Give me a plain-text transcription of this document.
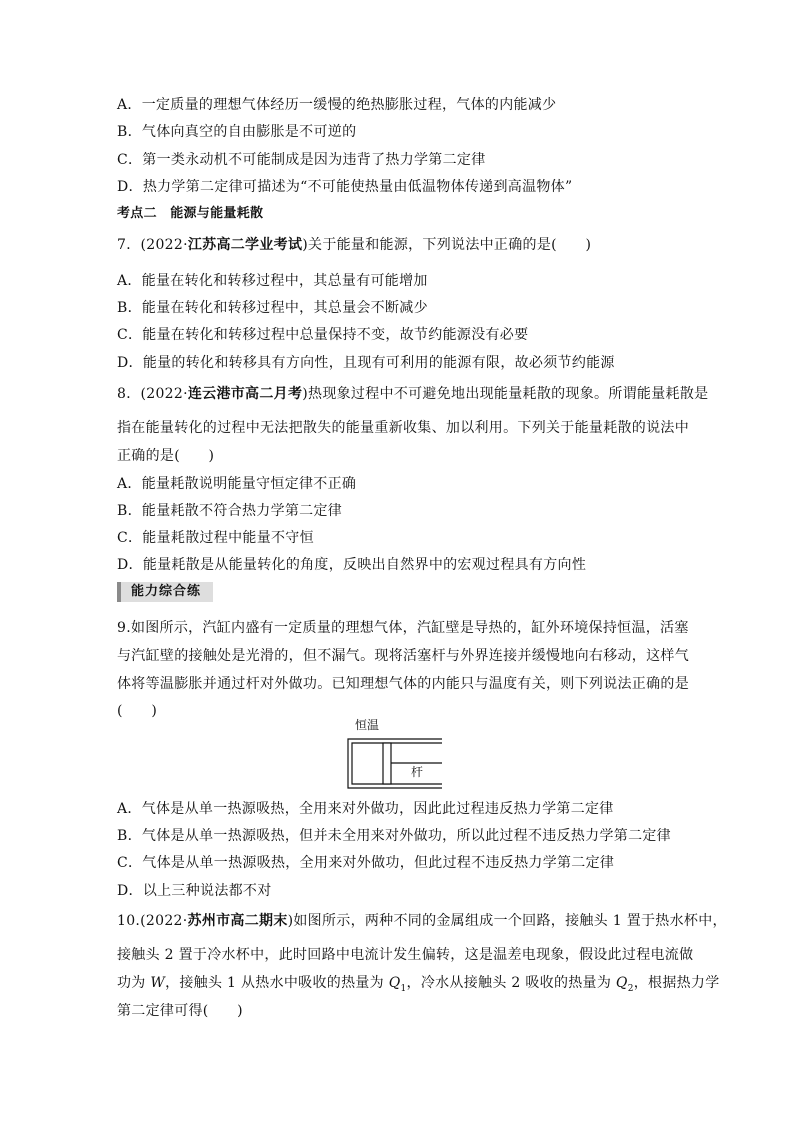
A．一定质量的理想气体经历一缓慢的绝热膨胀过程，气体的内能减少
B．气体向真空的自由膨胀是不可逆的
C．第一类永动机不可能制成是因为违背了热力学第二定律
D．热力学第二定律可描述为“不可能使热量由低温物体传递到高温物体”
考点二　能源与能量耗散
7．(2022·江苏高二学业考试)关于能量和能源，下列说法中正确的是(　　)
A．能量在转化和转移过程中，其总量有可能增加
B．能量在转化和转移过程中，其总量会不断减少
C．能量在转化和转移过程中总量保持不变，故节约能源没有必要
D．能量的转化和转移具有方向性，且现有可利用的能源有限，故必须节约能源
8．(2022·连云港市高二月考)热现象过程中不可避免地出现能量耗散的现象。所谓能量耗散是
指在能量转化的过程中无法把散失的能量重新收集、加以利用。下列关于能量耗散的说法中
正确的是(　　)
A．能量耗散说明能量守恒定律不正确
B．能量耗散不符合热力学第二定律
C．能量耗散过程中能量不守恒
D．能量耗散是从能量转化的角度，反映出自然界中的宏观过程具有方向性
能力综合练
9.如图所示，汽缸内盛有一定质量的理想气体，汽缸壁是导热的，缸外环境保持恒温，活塞
与汽缸壁的接触处是光滑的，但不漏气。现将活塞杆与外界连接并缓慢地向右移动，这样气
体将等温膨胀并通过杆对外做功。已知理想气体的内能只与温度有关，则下列说法正确的是
(　　)
恒温
杆
A．气体是从单一热源吸热，全用来对外做功，因此此过程违反热力学第二定律
B．气体是从单一热源吸热，但并未全用来对外做功，所以此过程不违反热力学第二定律
C．气体是从单一热源吸热，全用来对外做功，但此过程不违反热力学第二定律
D．以上三种说法都不对
10.(2022·苏州市高二期末)如图所示，两种不同的金属组成一个回路，接触头 1 置于热水杯中，
接触头 2 置于冷水杯中，此时回路中电流计发生偏转，这是温差电现象，假设此过程电流做
功为 W，接触头 1 从热水中吸收的热量为 $Q_1$，冷水从接触头 2 吸收的热量为 $Q_2$，根据热力学
第二定律可得(　　)
